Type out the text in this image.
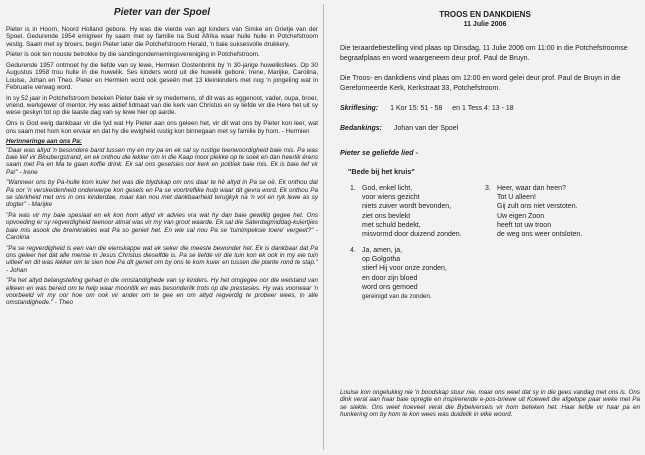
Pieter van der Spoel
Pieter is in Hoorn, Noord Holland gebore. Hy was die vierde van agt kinders van Simke en Grietje van der Spoel. Gedurende 1954 emigreer hy saam met sy familie na Suid Afrika waar hulle hulle in Potchefstroom vestig. Saam met sy broers, begin Pieter later die Potchefstroom Herald, 'n baie suksesvolle drukkery.
Pieter is ook ten nouste betrokke by die sandingondernemingsvereniging in Potchefstroom.
Gedurende 1957 ontmoet hy die liefde van sy lewe, Hermien Oostenbrink by 'n 30-jarige huweliksfees. Op 30 Augustus 1958 trou hulle in die huwelik. Ses kinders word uit die huwelik gebore: Irene, Marijke, Carolina, Louise, Johan en Theo. Pieter en Hermien word ook geseën met 13 kleinkinders met nog 'n jongeling wat in Februarie verwag word.
In sy 52 jaar in Potchefstroom beteken Pieter baie vir sy medemens, of dit was as eggenoot, vader, oupa, broer, vriend, werkgewer of mentor. Hy was aktief lidmaat van die kerk van Christus en sy liefde vir die Here het uit sy wese geskyn tot op die laaste dag van sy lewe hier op aarde.
Ons is God ewig dankbaar vir die tyd wat Hy Pieter aan ons geleen het, vir dit wat ons by Pieter kon leer, wat ons saam met hom kon ervaar en dat hy die ewigheid rustig kon binnegaan met sy familie by hom. - Hermien
Herinneringe aan ons Pa:
"Daar was altyd 'n besondere band tussen my en my pa en ek sal sy rustige teenwoordigheid baie mis. Pa was baie lief vir Bloubergstrand, en ek onthou die lekker om in die Kaap mooi plekke op te soek en dan heerlik érens saam met Pa en Ma te gaan koffie drink. Ek sal ons geselsies oor kerk en politiek baie mis. Ek is baie lief vir Pa!" - Irene
"Wanneer ons by Pa-hulle kom kuier het was die blydskap om ons daar te hê altyd in Pa se oë. Ek onthou dat Pa oor 'n verskeidenheid onderwerpe kon gesels en Pa se voortreflike hulp waar dit gevra word. Ek onthou Pa se sterkheid met ons in ons kinderdae, maar kan nou met dankbaarheid terugkyk na 'n vol en ryk lewe as sy dogter" - Marijke
"Pa was vir my baie spesiaal en ek kon hom altyd vir advies vra wat hy dan baie gewillig gegee het. Ons opvoeding er sy regverdigheid teenoor almal was vir my van groot waarde. Ek sal die Saterdagmiddag-kuiertjies baie mis asook die breinkrakies wat Pa so geniet het. En wie sal nou Pa se 'tuinimpeksie toere' vergeet?" - Carolina
"Pa se regverdigheid is een van die eienskappe wat ek seker die meeste bewonder het. Ek is dankbaar dat Pa ons geleer het dat alle mense in Jesus Christus dieselfde is. Pa se liefde vir die tuin kon ek ook in my eie tuin uitleef en dit was lekker om te sien hoe Pa dit geniet om by ons te kom kuier en tussen die plante rond te stap." - Johan
"Pa het altyd belangstelling gehad in die omstandighede van sy kinders. Hy het omgegee oor die welstand van elkeen en was bereid om te help waar moontlik en was besonderlik trots op die prestasies. Hy was voorwaar 'n voorbeeld vir my oor hoe om ook vir ander om te gee en om altyd regverdig te probeer wees, in alle omstandighede." - Theo
TROOS EN DANKDIENS
11 Julie 2006
Die teraardebestelling vind plaas op Dinsdag, 11 Julie 2006 om 11:00 in die Potchefstroomse begraafplaas en word waargeneem deur prof. Paul de Bruyn.
Die Troos- en dankdiens vind plaas om 12:00 en word gelei deur prof. Paul de Bruyn in die Gereformeerde Kerk, Kerkstraat 33, Potchefstroom.
Skriflesing: 1 Kor 15: 51 - 58 en 1 Tess 4: 13 - 18
Bedankings: Johan van der Spoel
Pieter se geliefde lied -
"Bede bij het kruis"
1. God, enkel licht,
voor wiens gezicht
niets zuiver wordt bevonden,
ziet ons bevlekt
met schuld bedekt,
misvormd door duizend zonden.
3. Heer, waar dan heen?
Tot U alleen!
Gij zult ons niet verstoten.
Uw eigen Zoon
heeft tot uw troon
de weg ons weer ontsloten.
4. Ja, amen, ja,
op Golgotha
stierf Hij voor onze zonden,
en door zijn bloed
word ons gemoed
gereinigd van de zonden.
Louise kon ongelukkig nie 'n boodskap stuur nie, maar ons weet dat sy in die gees vandag met ons is. Ons dink veral aan haar baie opregte en inspirerende e-pos-briewe uit Koeweit die afgelope paar weke met Pa se siekte. Ons weet hoeveel veral die Bybelverseis vir hom beteken het. Haar liefde vir haar pa en hunkering om by hom te kon wees was duidelik in elke woord.
